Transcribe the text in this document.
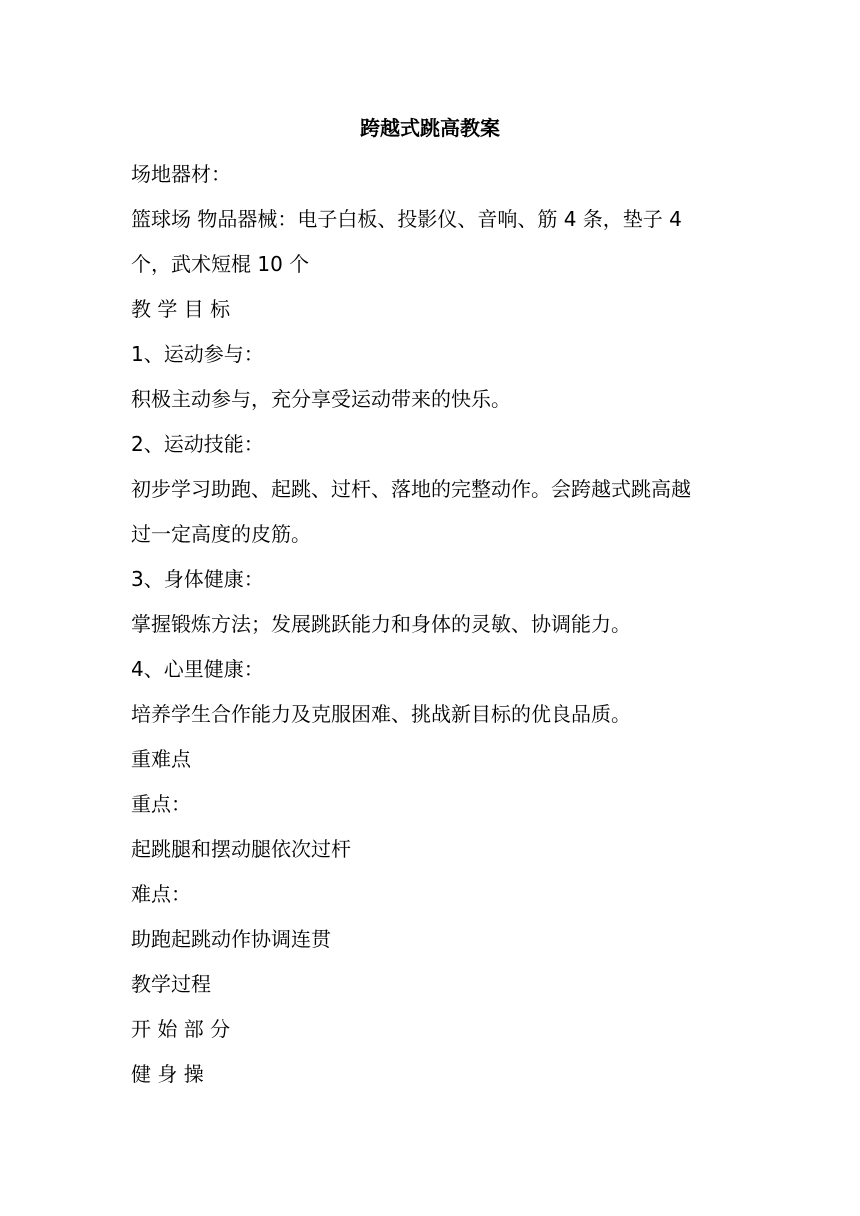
跨越式跳高教案
场地器材：
篮球场 物品器械：电子白板、投影仪、音响、筋 4 条，垫子 4
个，武术短棍 10 个
教 学 目 标
1、运动参与：
积极主动参与，充分享受运动带来的快乐。
2、运动技能：
初步学习助跑、起跳、过杆、落地的完整动作。会跨越式跳高越
过一定高度的皮筋。
3、身体健康：
掌握锻炼方法；发展跳跃能力和身体的灵敏、协调能力。
4、心里健康：
培养学生合作能力及克服困难、挑战新目标的优良品质。
重难点
重点：
起跳腿和摆动腿依次过杆
难点：
助跑起跳动作协调连贯
教学过程
开 始 部 分
健 身 操
